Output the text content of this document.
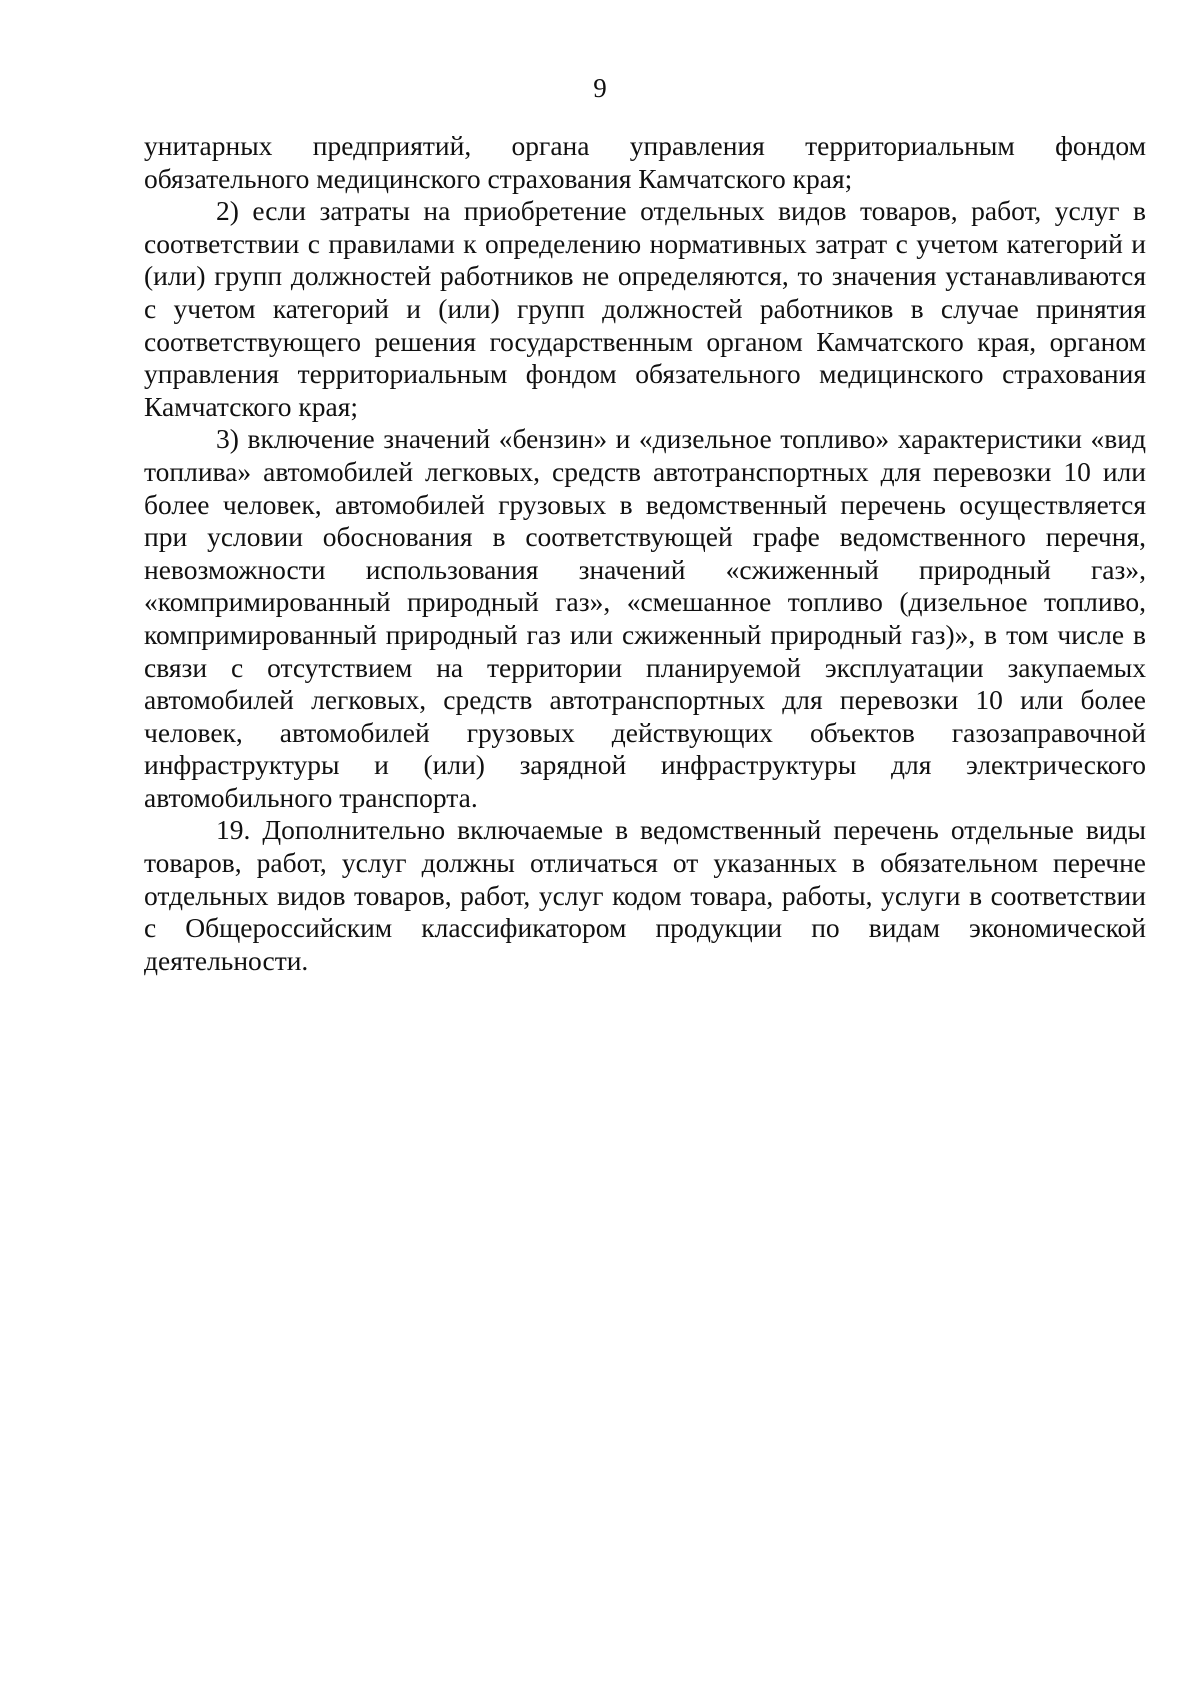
9

унитарных предприятий, органа управления территориальным фондом обязательного медицинского страхования Камчатского края;

2) если затраты на приобретение отдельных видов товаров, работ, услуг в соответствии с правилами к определению нормативных затрат с учетом категорий и (или) групп должностей работников не определяются, то значения устанавливаются с учетом категорий и (или) групп должностей работников в случае принятия соответствующего решения государственным органом Камчатского края, органом управления территориальным фондом обязательного медицинского страхования Камчатского края;

3) включение значений «бензин» и «дизельное топливо» характеристики «вид топлива» автомобилей легковых, средств автотранспортных для перевозки 10 или более человек, автомобилей грузовых в ведомственный перечень осуществляется при условии обоснования в соответствующей графе ведомственного перечня, невозможности использования значений «сжиженный природный газ», «компримированный природный газ», «смешанное топливо (дизельное топливо, компримированный природный газ или сжиженный природный газ)», в том числе в связи с отсутствием на территории планируемой эксплуатации закупаемых автомобилей легковых, средств автотранспортных для перевозки 10 или более человек, автомобилей грузовых действующих объектов газозаправочной инфраструктуры и (или) зарядной инфраструктуры для электрического автомобильного транспорта.

19. Дополнительно включаемые в ведомственный перечень отдельные виды товаров, работ, услуг должны отличаться от указанных в обязательном перечне отдельных видов товаров, работ, услуг кодом товара, работы, услуги в соответствии с Общероссийским классификатором продукции по видам экономической деятельности.
